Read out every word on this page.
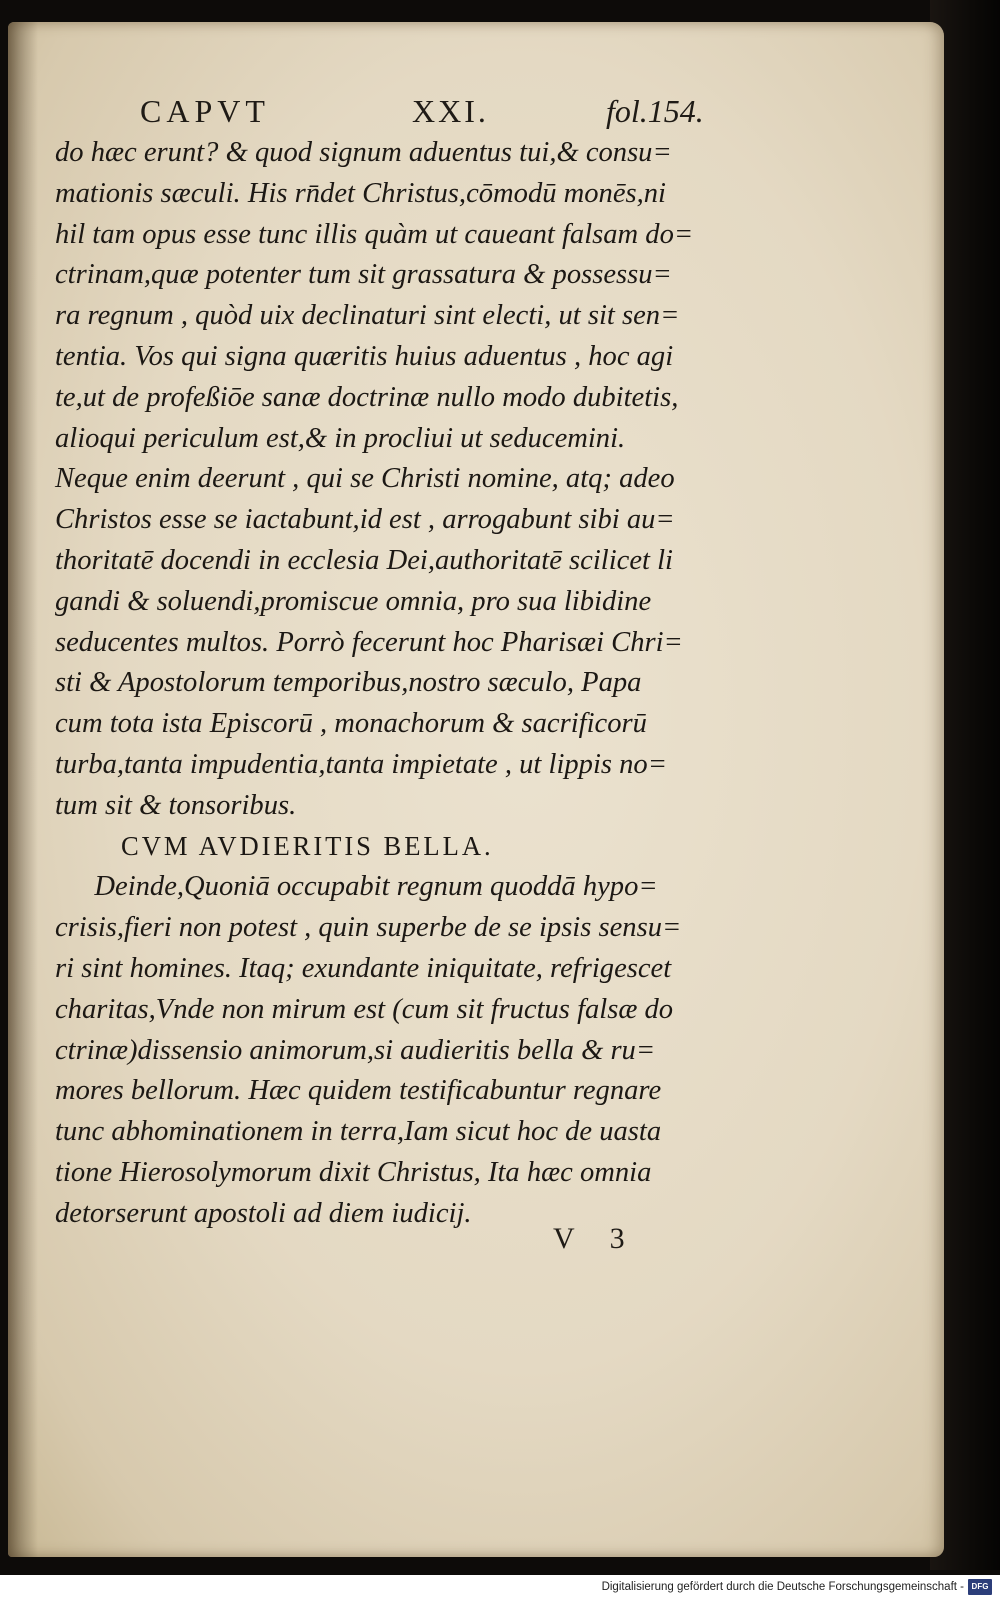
CAPVT	XXI.	fol.154.
do hæc erunt? & quod signum aduentus tui,& consu=
mationis sæculi. His rn̄det Christus,cōmodū monēs,ni
hil tam opus esse tunc illis quàm ut caueant falsam do=
ctrinam,quæ potenter tum sit grassatura & possessu=
ra regnum , quòd uix declinaturi sint electi, ut sit sen=
tentia. Vos qui signa quæritis huius aduentus , hoc agi
te,ut de profeßiōe sanæ doctrinæ nullo modo dubitetis,
alioqui periculum est,& in procliui ut seducemini.
Neque enim deerunt , qui se Christi nomine, atq; adeo
Christos esse se iactabunt,id est , arrogabunt sibi au=
thoritatē docendi in ecclesia Dei,authoritatē scilicet li
gandi & soluendi,promiscue omnia, pro sua libidine
seducentes multos. Porrò fecerunt hoc Pharisæi Chri=
sti & Apostolorum temporibus,nostro sæculo, Papa
cum tota ista Episcorū , monachorum & sacrificorū
turba,tanta impudentia,tanta impietate , ut lippis no=
tum sit & tonsoribus.
CVM AVDIERITIS BELLA.
Deinde,Quoniā occupabit regnum quoddā hypo=
crisis,fieri non potest , quin superbe de se ipsis sensu=
ri sint homines. Itaq; exundante iniquitate, refrigescet
charitas,Vnde non mirum est (cum sit fructus falsæ do
ctrinæ)dissensio animorum,si audieritis bella & ru=
mores bellorum. Hæc quidem testificabuntur regnare
tunc abhominationem in terra,Iam sicut hoc de uasta
tione Hierosolymorum dixit Christus, Ita hæc omnia
detorserunt apostoli ad diem iudicij.
V 3
Digitalisierung gefördert durch die Deutsche Forschungsgemeinschaft - DFG
